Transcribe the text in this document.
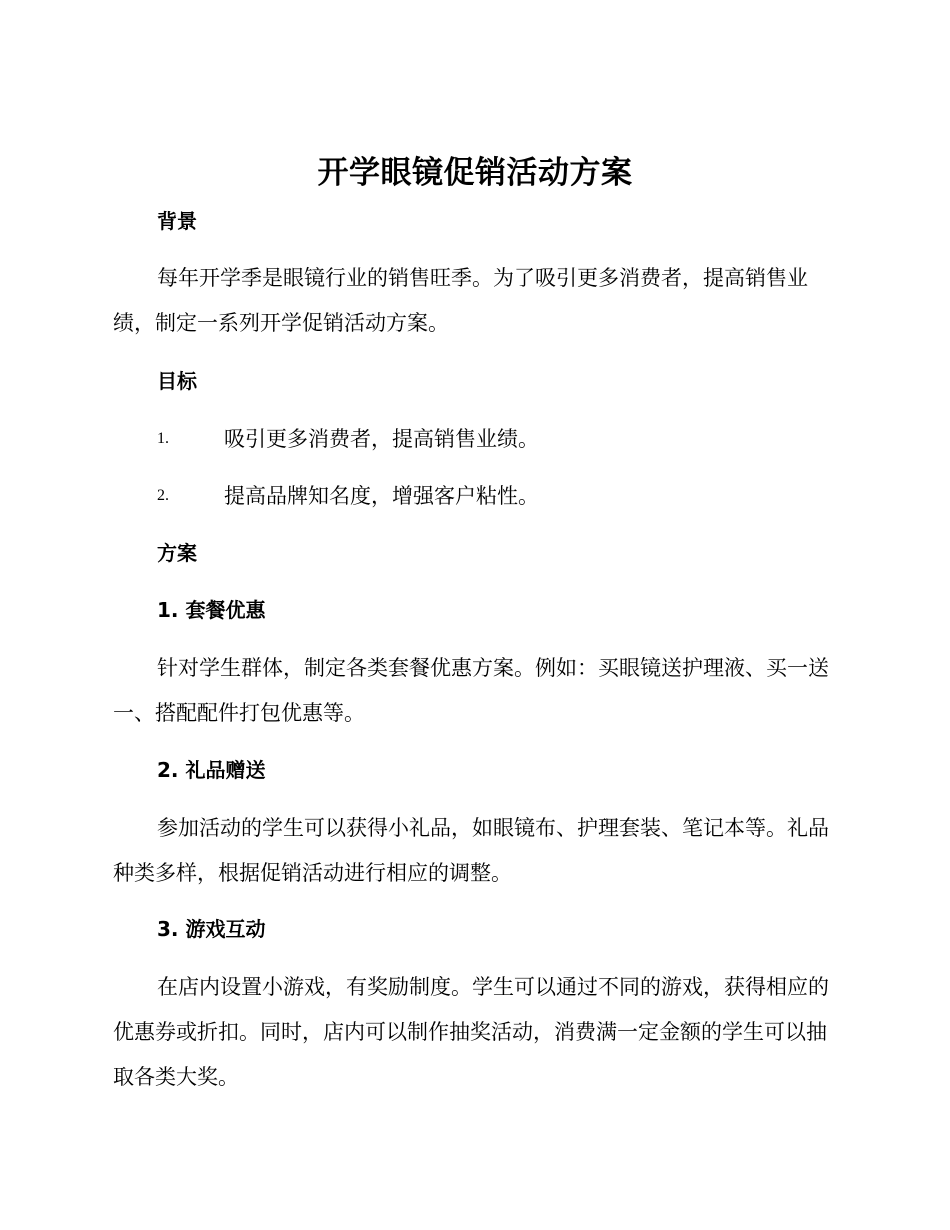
开学眼镜促销活动方案
背景

每年开学季是眼镜行业的销售旺季。为了吸引更多消费者，提高销售业绩，制定一系列开学促销活动方案。

目标
1.	吸引更多消费者，提高销售业绩。
2.	提高品牌知名度，增强客户粘性。
方案
1. 套餐优惠

针对学生群体，制定各类套餐优惠方案。例如：买眼镜送护理液、买一送一、搭配配件打包优惠等。

2. 礼品赠送

参加活动的学生可以获得小礼品，如眼镜布、护理套装、笔记本等。礼品种类多样，根据促销活动进行相应的调整。

3. 游戏互动

在店内设置小游戏，有奖励制度。学生可以通过不同的游戏，获得相应的优惠券或折扣。同时，店内可以制作抽奖活动，消费满一定金额的学生可以抽取各类大奖。
